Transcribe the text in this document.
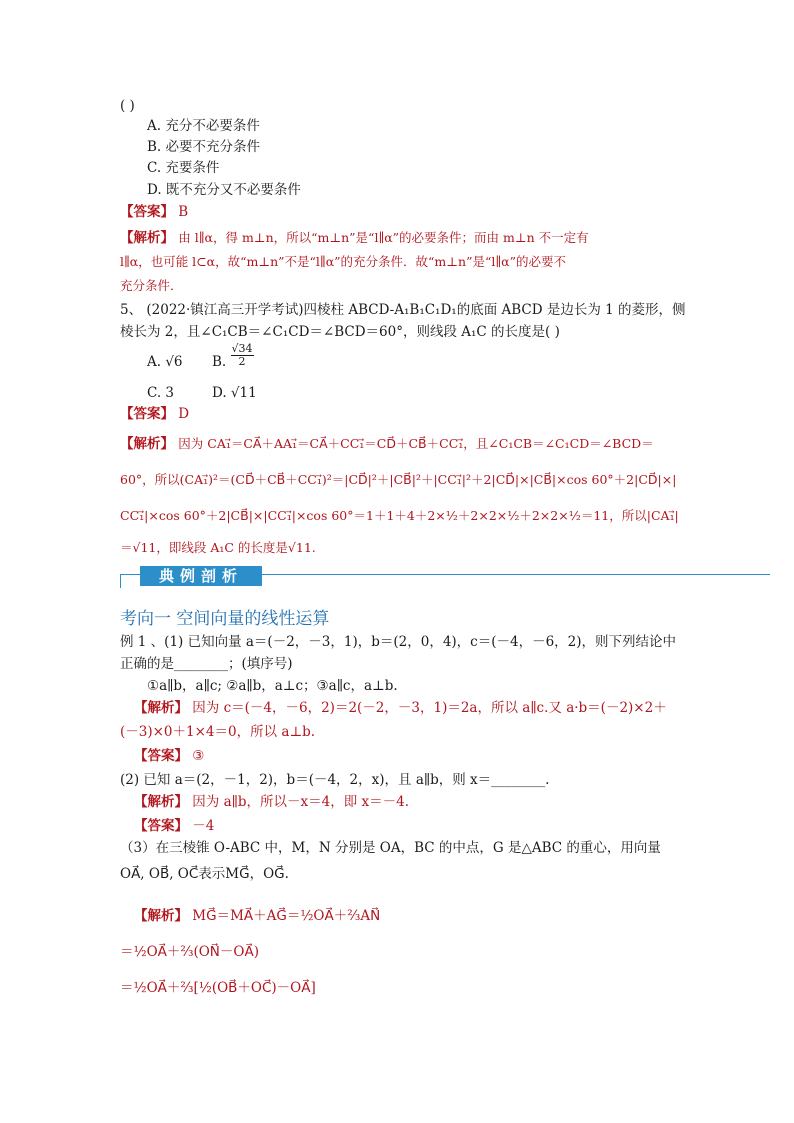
( )
A. 充分不必要条件
B. 必要不充分条件
C. 充要条件
D. 既不充分又不必要条件
【答案】 B
【解析】 由 l∥α，得 m⊥n，所以“m⊥n”是“l∥α”的必要条件；而由 m⊥n 不一定有
l∥α，也可能 l⊂α，故“m⊥n”不是“l∥α”的充分条件．故“m⊥n”是“l∥α”的必要不
充分条件．
5、 (2022·镇江高三开学考试)四棱柱 ABCD-A₁B₁C₁D₁的底面 ABCD 是边长为 1 的菱形，侧
棱长为 2，且∠C₁CB＝∠C₁CD＝∠BCD＝60°，则线段 A₁C 的长度是( )
A. √6 B. $\frac{√34}{2}$
C. 3	D. √11
【答案】 D
【解析】 因为 CA₁⃗＝CA⃗＋AA₁⃗＝CA⃗＋CC₁⃗＝CD⃗＋CB⃗＋CC₁⃗，且∠C₁CB＝∠C₁CD＝∠BCD＝
60°，所以(CA₁⃗)²＝(CD⃗＋CB⃗＋CC₁⃗)²＝|CD⃗|²＋|CB⃗|²＋|CC₁⃗|²＋2|CD⃗|×|CB⃗|×cos 60°＋2|CD⃗|×|
CC₁⃗|×cos 60°＋2|CB⃗|×|CC₁⃗|×cos 60°＝1＋1＋4＋2×½＋2×2×½＋2×2×½＝11，所以|CA₁⃗|
＝√11，即线段 A₁C 的长度是√11.
典例剖析
考向一 空间向量的线性运算
例 1 、(1) 已知向量 a＝(－2，－3，1)，b＝(2，0，4)，c＝(－4，－6，2)，则下列结论中
正确的是________；(填序号)
①a∥b，a∥c; ②a∥b，a⊥c；③a∥c，a⊥b.
【解析】 因为 c＝(－4，－6，2)＝2(－2，－3，1)＝2a，所以 a∥c.又 a·b＝(－2)×2＋
(－3)×0＋1×4＝0，所以 a⊥b.
【答案】 ③
(2) 已知 a＝(2，－1，2)，b＝(－4，2，x)，且 a∥b，则 x＝________.
【解析】 因为 a∥b，所以－x＝4，即 x＝－4.
【答案】 －4
（3）在三棱锥 O-ABC 中，M，N 分别是 OA，BC 的中点，G 是△ABC 的重心，用向量
OA⃗, OB⃗, OC⃗表示MG⃗，OG⃗.
【解析】 MG⃗＝MA⃗＋AG⃗＝½OA⃗＋⅔AN⃗
＝½OA⃗＋⅔(ON⃗－OA⃗)
＝½OA⃗＋⅔[½(OB⃗＋OC⃗)－OA⃗]
